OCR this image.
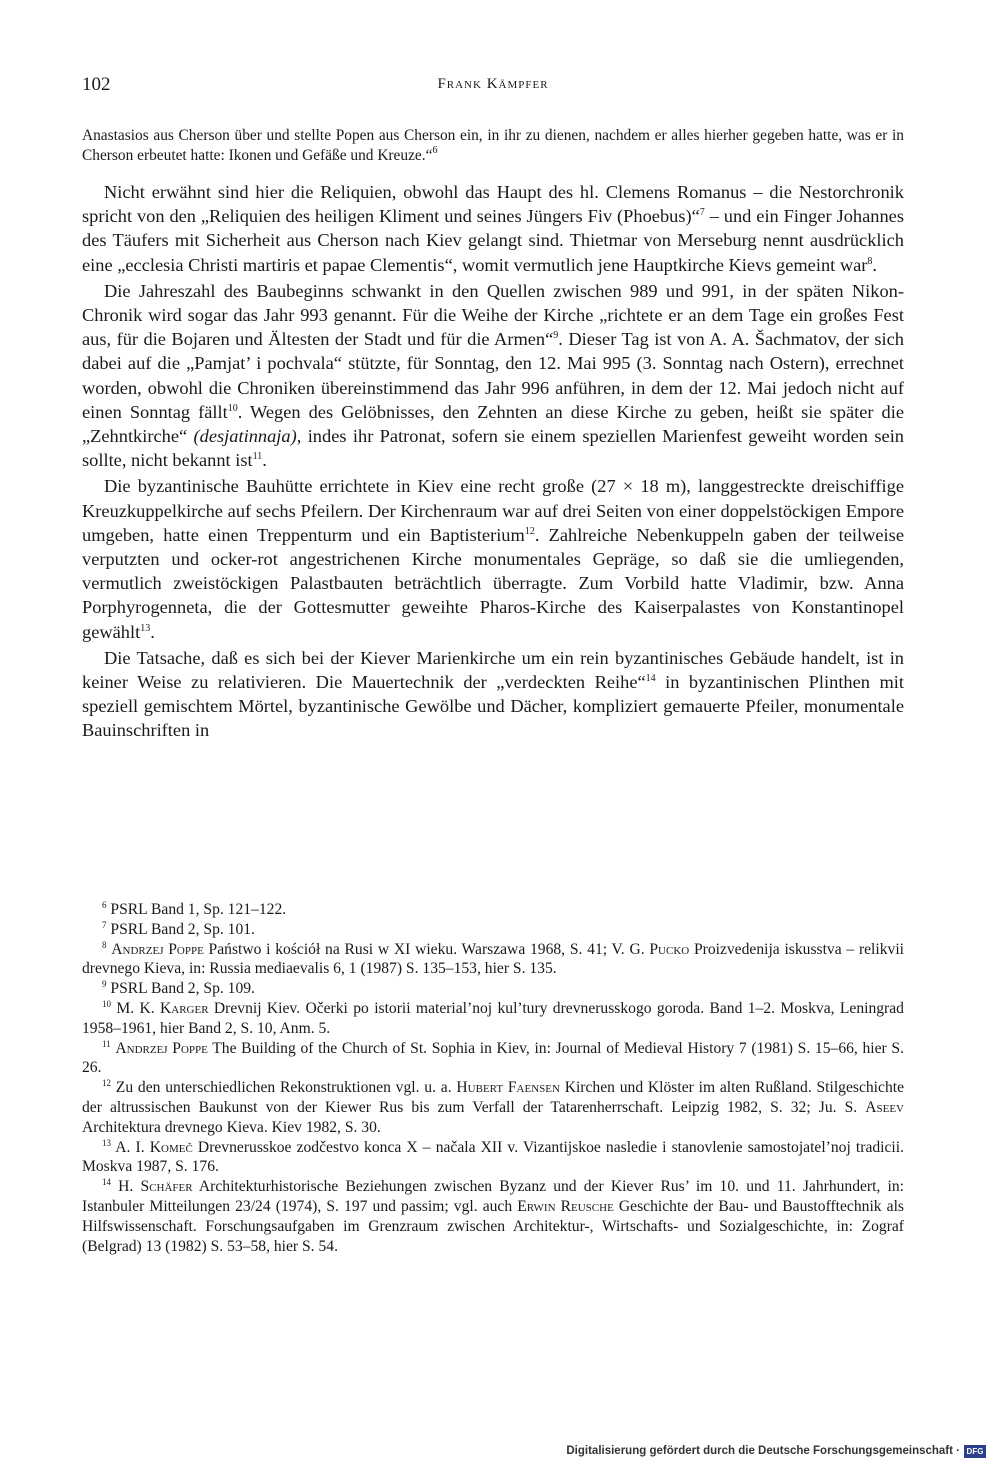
102	Frank Kämpfer
Anastasios aus Cherson über und stellte Popen aus Cherson ein, in ihr zu dienen, nachdem er alles hierher gegeben hatte, was er in Cherson erbeutet hatte: Ikonen und Gefäße und Kreuze.“$^6$

Nicht erwähnt sind hier die Reliquien, obwohl das Haupt des hl. Clemens Romanus – die Nestorchronik spricht von den „Reliquien des heiligen Kliment und seines Jüngers Fiv (Phoebus)“$^7$ – und ein Finger Johannes des Täufers mit Sicherheit aus Cherson nach Kiev gelangt sind. Thietmar von Merseburg nennt ausdrücklich eine „ecclesia Christi martiris et papae Clementis“, womit vermutlich jene Hauptkirche Kievs gemeint war$^8$.

Die Jahreszahl des Baubeginns schwankt in den Quellen zwischen 989 und 991, in der späten Nikon-Chronik wird sogar das Jahr 993 genannt. Für die Weihe der Kirche „richtete er an dem Tage ein großes Fest aus, für die Bojaren und Ältesten der Stadt und für die Armen“$^9$. Dieser Tag ist von A. A. Šachmatov, der sich dabei auf die „Pamjat’ i pochvala“ stützte, für Sonntag, den 12. Mai 995 (3. Sonntag nach Ostern), errechnet worden, obwohl die Chroniken übereinstimmend das Jahr 996 anführen, in dem der 12. Mai jedoch nicht auf einen Sonntag fällt$^{10}$. Wegen des Gelöbnisses, den Zehnten an diese Kirche zu geben, heißt sie später die „Zehntkirche“ (desjatinnaja), indes ihr Patronat, sofern sie einem speziellen Marienfest geweiht worden sein sollte, nicht bekannt ist$^{11}$.

Die byzantinische Bauhütte errichtete in Kiev eine recht große (27 × 18 m), langgestreckte dreischiffige Kreuzkuppelkirche auf sechs Pfeilern. Der Kirchenraum war auf drei Seiten von einer doppelstöckigen Empore umgeben, hatte einen Treppenturm und ein Baptisterium$^{12}$. Zahlreiche Nebenkuppeln gaben der teilweise verputzten und ocker-rot angestrichenen Kirche monumentales Gepräge, so daß sie die umliegenden, vermutlich zweistöckigen Palastbauten beträchtlich überragte. Zum Vorbild hatte Vladimir, bzw. Anna Porphyrogenneta, die der Gottesmutter geweihte Pharos-Kirche des Kaiserpalastes von Konstantinopel gewählt$^{13}$.

Die Tatsache, daß es sich bei der Kiever Marienkirche um ein rein byzantinisches Gebäude handelt, ist in keiner Weise zu relativieren. Die Mauertechnik der „verdeckten Reihe“$^{14}$ in byzantinischen Plinthen mit speziell gemischtem Mörtel, byzantinische Gewölbe und Dächer, kompliziert gemauerte Pfeiler, monumentale Bauinschriften in

$^6$ PSRL Band 1, Sp. 121–122.

$^7$ PSRL Band 2, Sp. 101.

$^8$ Andrzej Poppe Państwo i kościół na Rusi w XI wieku. Warszawa 1968, S. 41; V. G. Pucko Proizvedenija iskusstva – relikvii drevnego Kieva, in: Russia mediaevalis 6, 1 (1987) S. 135–153, hier S. 135.

$^9$ PSRL Band 2, Sp. 109.

$^{10}$ M. K. Karger Drevnij Kiev. Očerki po istorii material’noj kul’tury drevnerusskogo goroda. Band 1–2. Moskva, Leningrad 1958–1961, hier Band 2, S. 10, Anm. 5.

$^{11}$ Andrzej Poppe The Building of the Church of St. Sophia in Kiev, in: Journal of Medieval History 7 (1981) S. 15–66, hier S. 26.

$^{12}$ Zu den unterschiedlichen Rekonstruktionen vgl. u. a. Hubert Faensen Kirchen und Klöster im alten Rußland. Stilgeschichte der altrussischen Baukunst von der Kiewer Rus bis zum Verfall der Tatarenherrschaft. Leipzig 1982, S. 32; Ju. S. Aseev Architektura drevnego Kieva. Kiev 1982, S. 30.

$^{13}$ A. I. Komeč Drevnerusskoe zodčestvo konca X – načala XII v. Vizantijskoe nasledie i stanovlenie samostojatel’noj tradicii. Moskva 1987, S. 176.

$^{14}$ H. Schäfer Architekturhistorische Beziehungen zwischen Byzanz und der Kiever Rus’ im 10. und 11. Jahrhundert, in: Istanbuler Mitteilungen 23/24 (1974), S. 197 und passim; vgl. auch Erwin Reusche Geschichte der Bau- und Baustofftechnik als Hilfswissenschaft. Forschungsaufgaben im Grenzraum zwischen Architektur-, Wirtschafts- und Sozialgeschichte, in: Zograf (Belgrad) 13 (1982) S. 53–58, hier S. 54.

Digitalisierung gefördert durch die Deutsche Forschungsgemeinschaft · DFG
